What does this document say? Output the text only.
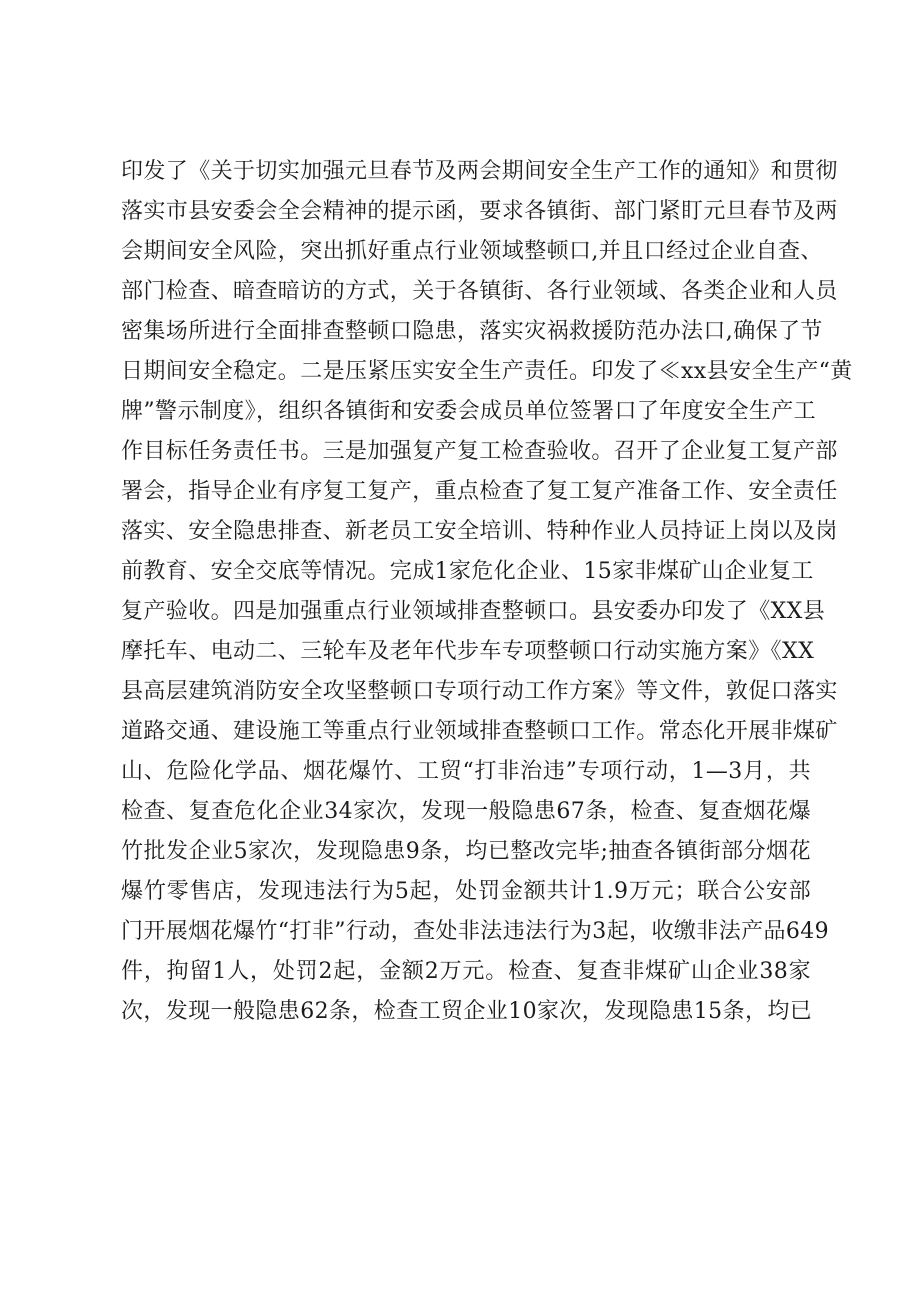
印发了《关于切实加强元旦春节及两会期间安全生产工作的通知》和贯彻
落实市县安委会全会精神的提示函，要求各镇街、部门紧盯元旦春节及两
会期间安全风险，突出抓好重点行业领域整顿口,并且口经过企业自查、
部门检查、暗查暗访的方式，关于各镇街、各行业领域、各类企业和人员
密集场所进行全面排查整顿口隐患，落实灾祸救援防范办法口,确保了节
日期间安全稳定。二是压紧压实安全生产责任。印发了≪xx县安全生产“黄
牌”警示制度》，组织各镇街和安委会成员单位签署口了年度安全生产工
作目标任务责任书。三是加强复产复工检查验收。召开了企业复工复产部
署会，指导企业有序复工复产，重点检查了复工复产准备工作、安全责任
落实、安全隐患排查、新老员工安全培训、特种作业人员持证上岗以及岗
前教育、安全交底等情况。完成1家危化企业、15家非煤矿山企业复工
复产验收。四是加强重点行业领域排查整顿口。县安委办印发了《XX县
摩托车、电动二、三轮车及老年代步车专项整顿口行动实施方案》《XX
县高层建筑消防安全攻坚整顿口专项行动工作方案》等文件，敦促口落实
道路交通、建设施工等重点行业领域排查整顿口工作。常态化开展非煤矿
山、危险化学品、烟花爆竹、工贸“打非治违”专项行动，1—3月，共
检查、复查危化企业34家次，发现一般隐患67条，检查、复查烟花爆
竹批发企业5家次，发现隐患9条，均已整改完毕;抽查各镇街部分烟花
爆竹零售店，发现违法行为5起，处罚金额共计1.9万元；联合公安部
门开展烟花爆竹“打非”行动，查处非法违法行为3起，收缴非法产品649
件，拘留1人，处罚2起，金额2万元。检查、复查非煤矿山企业38家
次，发现一般隐患62条，检查工贸企业10家次，发现隐患15条，均已
